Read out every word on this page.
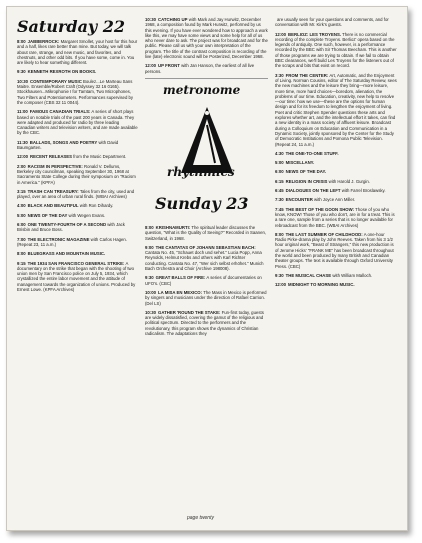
Saturday 22

8:00 JABBERROCK: Margaret Smollet, your host for this hour and a half, likes rare better than mine. But today, we will talk about rare, strange, and new music, and favorites, and chestnuts, and other odd bits. If you have some, come in. You are likely to hear something different.

9:30 KENNETH REXROTH ON BOOKS.

10:30 CONTEMPORARY MUSIC Boulez...Le Marteau Sans Maitre. Ensemble/Robert Craft (Odyssey 32 16 0165). Stockhausen...Mikrophonie I for Tamtam, Two Microphones, Two Filters and Potentiometers. Performances supervised by the composer (CBS 32 11 0044).

11:00 FAMOUS CANADIAN TRIALS: A series of short plays based on notable trials of the past 200 years in Canada. They were adapted and produced for radio by three leading Canadian writers and television writers, and are made available by the CBC.

11:30 BALLADS, SONGS AND POETRY with David Baumgarten.

12:00 RECENT RELEASES from the Music Department.

2:00 RACISM IN PERSPECTIVE: Ronald V. Dellums, Berkeley city councilman, speaking September 30, 1968 at Sacramento State College during their symposium on "Racism in America." (KPFA)

3:15 TRASH CAN TREASURY: Tales from the city, used and played, over an area of urban rural finds. (WBAI Archives)

4:00 BLACK AND BEAUTIFUL with Ron Dihardy.

5:00 NEWS OF THE DAY with Wegen Evans.

6:00 ONE TWENTY-FOURTH OF A SECOND with Jack Brisbin and Bruce Boss.

7:00 THE ELECTRONIC MAGAZINE with Carlos Hagen. (Repeat 23, 11 a.m.)

8:00 BLUEGRASS AND MOUNTAIN MUSIC.

9:15 THE 1934 SAN FRANCISCO GENERAL STRIKE: A documentary on the strike that began with the shooting of two union men by San Francisco police on July 5, 1934, which crystallized the entire labor movement and the attitude of management towards the organization of unions. Produced by Ernest Lowe. (KPFA Archives)

10:30 CATCHING UP with Mark and Jay Hurwitz, December 1968, a composition found by Mark Hurwitz, performed by us this evening. If you have ever wondered how to approach a work like this, we may have some views and some help for all of us who never dare to ask. The project was for broadcast and for the public. Please call us with your own interpretation of the program. The title of the contrast composition is recording of the live (late) electronic sound will be Posterized, December 1968.

12:00 UP FRONT with Jan Hanson, the earliest of all live persons.

metronome
rhythmics
Sunday 23

8:00 KRISHNAMURTI: The spiritual leader discusses the question, "What is the Quality of Seeing?" Recorded in Saanen, Switzerland, in 1968.

9:00 THE CANTATAS OF JOHANN SEBASTIAN BACH: Cantata No. 45, "Schauet doch und sehet." Lucia Popp, Anna Reynolds, Helmut Krebs and others with Karl Richter conducting. Cantata No. 47, "Wer sich selbst erhöhet." Munich Bach Orchestra and Choir (Archive 198008).

9:30 GREAT BALLS OF FIRE: A series of documentaries on UFO's. (CBC)

10:00 LA MISA EN MEXICO: The Mass in Mexico is performed by singers and musicians under the direction of Rafael Carrion. (Del LS)

10:30 GATHER 'ROUND THE STAKE: Fun-first today, guests are widely dissatisfied, covering the gamut of the religious and political spectrum. Directed to the performers and the revolutionary, this program shows the dynamics of Christian radicalism. The adaptations they

are usually seen for your questions and comments, and for conversation with Mr. Kirk's guests.

12:00 BERLIOZ: LES TROYENS. There is no commercial recording of the complete Troyens. Berlioz' opera based on the legends of antiquity. One such, however, is a performance recorded by the BBC with Sir Thomas Beecham. This is another of those programs we are trying to obtain. If we fail to obtain BBC clearances, we'll build Les Troyens for the listeners out of the scraps and bits that exist on record.

3:30 FROM THE CENTER: Art, Automatic, and the Enjoyment of Living. Norman Cousins, editor of The Saturday Review, sees the new machines and the leisure they bring—more leisure, more time, more hard choices—boredom, alienation, the problems of our time. Education, creativity, new help to resolve—our time: how we use—these are the options for human design and for its freedom to lengthen the enjoyment of living. Poet and critic Stephen Spender questions these arts and explores whether art, and the intellectual effort it takes, can find a new identity in a mass society of affluent leisure. Broadcast during a Colloquium on Education and Communication in a Dynamic Society, jointly sponsored by the Center for the Study of Democratic Institutions and Pomona Public Television. (Repeat 24, 11 a.m.)

4:30 THE ONE-TO-ONE STUFF.

5:00 MISCELLANY.

6:00 NEWS OF THE DAY.

6:15 RELIGION IN CRISIS with Harold J. Gurgin.

6:45 DIALOGUES ON THE LEFT with Farrel Broslawsky.

7:30 ENCOUNTER with Joyce Ann Miller.

7:45 THE BEST OF THE GOON SHOW: Those of you who know, KNOW! Those of you who don't, are in for a treat. This is a rare one, sample from a series that is no longer available for rebroadcast from the BBC. (WBAI Archives)

8:00 THE LAST SUMMER OF CHILDHOOD: A one-hour Radio Pirke-drama play by John Reeves. Taken from his 3 1/2 hour original work, "Beast of Strangers," this new production is of Jerome Hicks' "FRANK ME" has been broadcast throughout the world and been produced by many British and Canadian theater groups. The text is available through Oxford University Press. (CBC)

9:30 THE MUSICAL CHASE with William Malloch.

12:00 MIDNIGHT TO MORNING MUSIC.

page twenty
